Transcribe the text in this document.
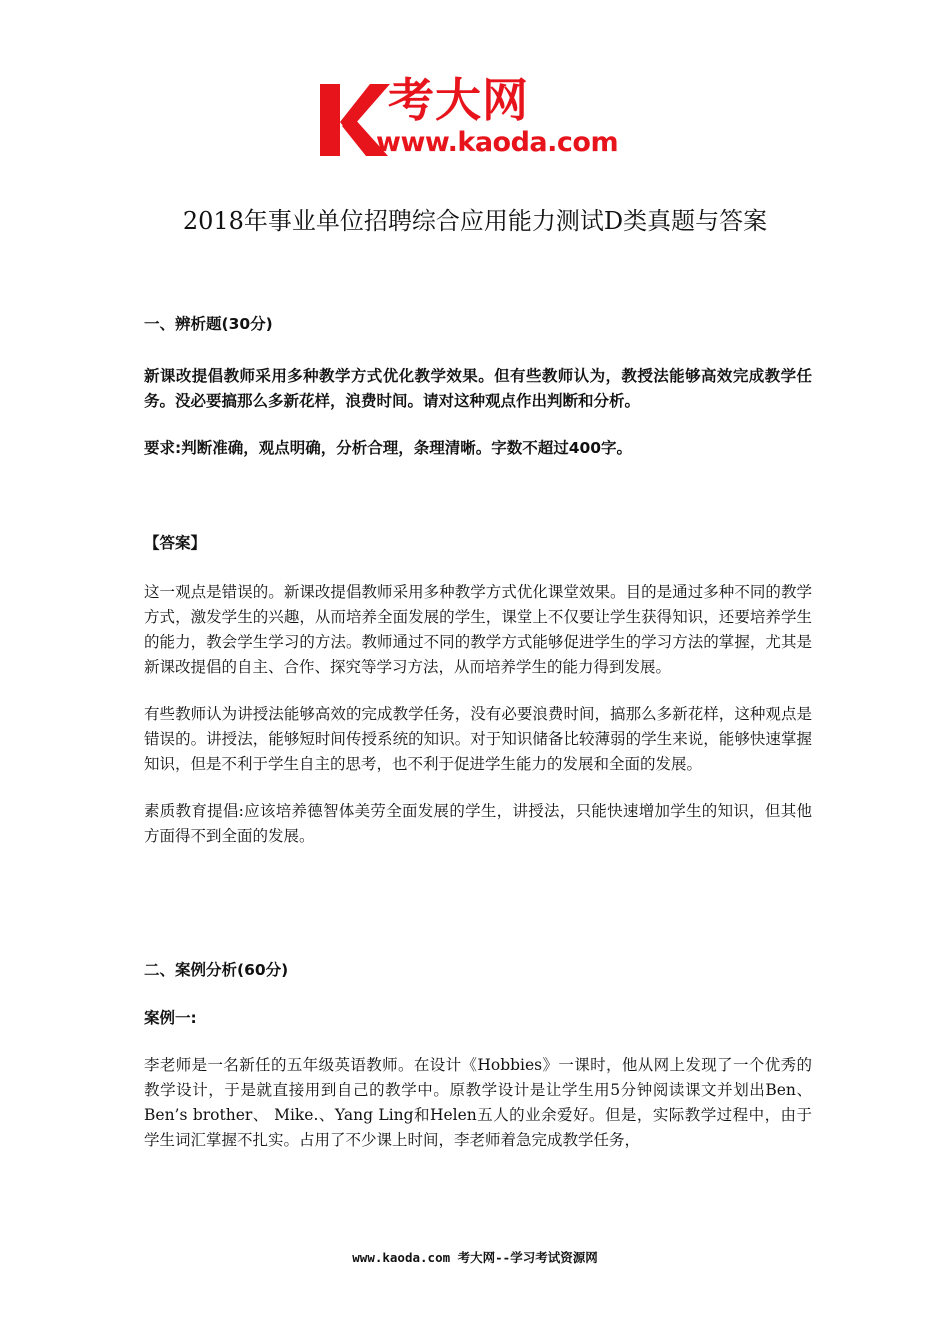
考大网
www.kaoda.com
2018年事业单位招聘综合应用能力测试D类真题与答案

一、辨析题(30分)

新课改提倡教师采用多种教学方式优化教学效果。但有些教师认为，教授法能够高效完成教学任务。没必要搞那么多新花样，浪费时间。请对这种观点作出判断和分析。

要求:判断准确，观点明确，分析合理，条理清晰。字数不超过400字。

【答案】

这一观点是错误的。新课改提倡教师采用多种教学方式优化课堂效果。目的是通过多种不同的教学方式，激发学生的兴趣，从而培养全面发展的学生，课堂上不仅要让学生获得知识，还要培养学生的能力，教会学生学习的方法。教师通过不同的教学方式能够促进学生的学习方法的掌握，尤其是新课改提倡的自主、合作、探究等学习方法，从而培养学生的能力得到发展。

有些教师认为讲授法能够高效的完成教学任务，没有必要浪费时间，搞那么多新花样，这种观点是错误的。讲授法，能够短时间传授系统的知识。对于知识储备比较薄弱的学生来说，能够快速掌握知识，但是不利于学生自主的思考，也不利于促进学生能力的发展和全面的发展。

素质教育提倡:应该培养德智体美劳全面发展的学生，讲授法，只能快速增加学生的知识，但其他方面得不到全面的发展。

二、案例分析(60分)

案例一:

李老师是一名新任的五年级英语教师。在设计《Hobbies》一课时，他从网上发现了一个优秀的教学设计，于是就直接用到自己的教学中。原教学设计是让学生用5分钟阅读课文并划出Ben、Ben’s brother、 Mike.、Yang Ling和Helen五人的业余爱好。但是，实际教学过程中，由于学生词汇掌握不扎实。占用了不少课上时间，李老师着急完成教学任务，

www.kaoda.com 考大网--学习考试资源网
